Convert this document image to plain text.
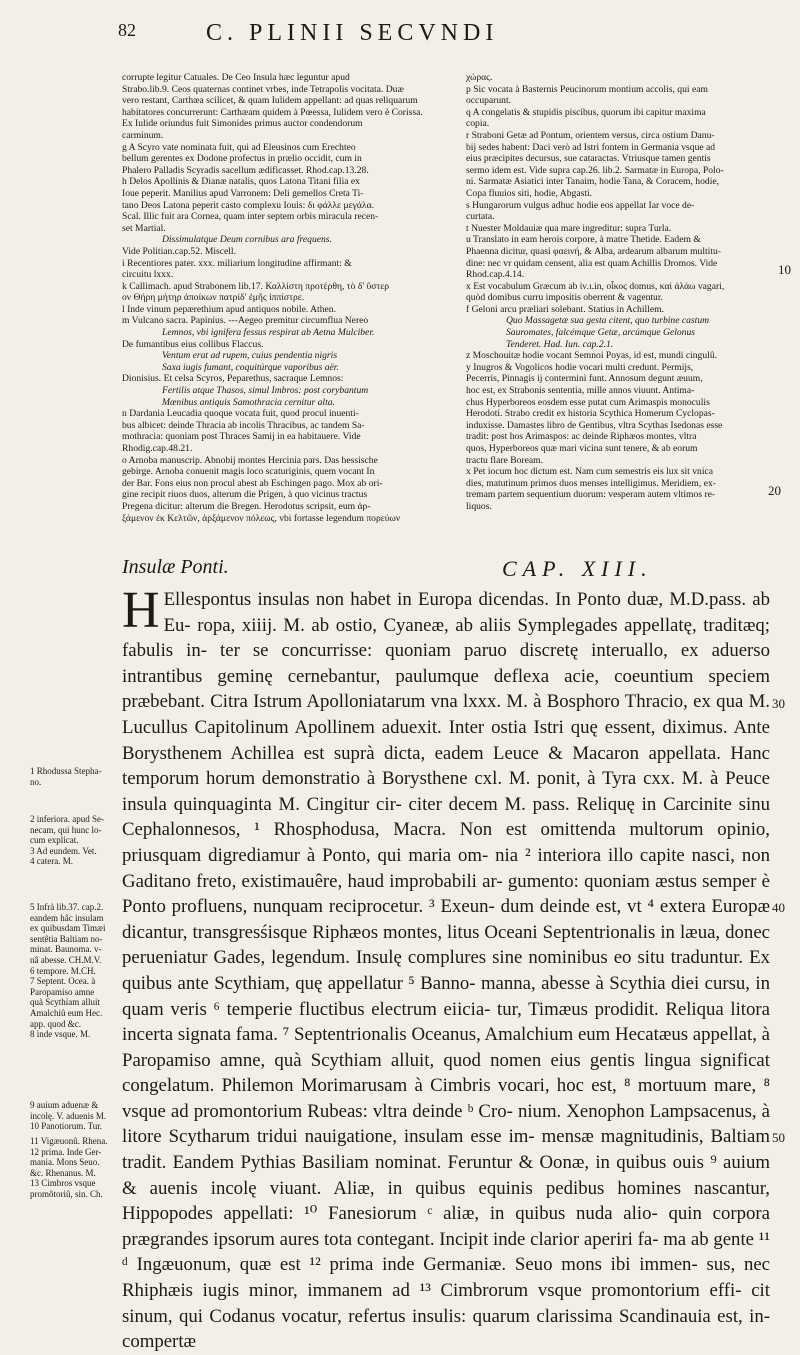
82	C. PLINII SECVNDI

corrupte legitur Catuales. De Ceo Insula hæc leguntur apud

Strabo.lib.9. Ceos quaternas continet vrbes, inde Tetrapolis vocitata. Duæ

vero restant, Carthæa scilicet, & quam Iulidem appellant: ad quas reliquarum

habitatores concurrerunt: Carthæam quidem à Pœessa, Iulidem vero è Corissa.

Ex Iulide oriundus fuit Simonides primus auctor condendorum

carminum.

g A Scyro vate nominata fuit, qui ad Eleusinos cum Erechteo

bellum gerentes ex Dodone profectus in prælio occidit, cum in

Phalero Palladis Scyradis sacellum ædificasset. Rhod.cap.13.28.

h Delos Apollinis & Dianæ natalis, quos Latona Titani filia ex

Ioue peperit. Manilius apud Varronem: Deli gemellos Creta Ti-

tano Deos Latona peperit casto complexu Iouis: δι φάλλε μεγάλα.

Scal. Illic fuit ara Cornea, quam inter septem orbis miracula recen-

set Martial.

Dissimulatque Deum cornibus ara frequens.

Vide Politian.cap.52. Miscell.

i Recentiores pater. xxx. miliarium longitudine affirmant: &

circuitu lxxx.

k Callimach. apud Strabonem lib.17. Καλλίστη προτέρθη, τὸ δ' ὕστερ

ον Θήρη μήτηρ ἀποίκων πατρίδ' ἐμῆς ἱππίστρε.

l Inde vinum pepærethium apud antiquos nobile. Athen.

m Vulcano sacra. Papinius. ---Aegeo premitur circumflua Nereo

Lemnos, vbi ignifera fessus respirat ab Aetna Mulciber.

De fumantibus eius collibus Flaccus.

Ventum erat ad rupem, cuius pendentia nigris

Saxa iugis fumant, coquitúrque vaporibus aër.

Dionisius. Et celsa Scyros, Peparethus, sacraque Lemnos:

Fertilis atque Thasos, simul Imbros: post corybantum

Mœnibus antiquis Samothracia cernitur alta.

n Dardania Leucadia quoque vocata fuit, quod procul inuenti-

bus albicet: deinde Thracia ab incolis Thracibus, ac tandem Sa-

mothracia: quoniam post Thraces Samij in ea habitauere. Vide

Rhodig.cap.48.21.

o Arnoba manuscrip. Abnobij montes Hercinia pars. Das hessische

gebirge. Arnoba conuenit magis loco scaturiginis, quem vocant In

der Bar. Fons eius non procul abest ab Eschingen pago. Mox ab ori-

gine recipit riuos duos, alterum die Prigen, à quo vicinus tractus

Pregena dicitur: alterum die Bregen. Herodotus scripsit, eum ἀρ-

ξάμενον ἐκ Κελτῶν, ἀρξάμενον πόλεως, vbi fortasse legendum πορεύων

χώρας.

p Sic vocata à Basternis Peucinorum montium accolis, qui eam

occuparunt.

q A congelatis & stupidis piscibus, quorum ibi capitur maxima

copia.

r Straboni Getæ ad Pontum, orientem versus, circa ostium Danu-

bij sedes habent: Daci verò ad Istri fontem in Germania vsque ad

eius præcipites decursus, sue cataractas. Vtriusque tamen gentis

sermo idem est. Vide supra cap.26. lib.2. Sarmatæ in Europa, Polo-

ni. Sarmatæ Asiatici inter Tanaim, hodie Tana, & Coracem, hodie,

Copa fluuios siti, hodie, Abgasti.

s Hungarorum vulgus adhuc hodie eos appellat Iar voce de-

curtata.

t Nuester Moldauiæ qua mare ingreditur: supra Turla.

u Translato in eam herois corpore, à matre Thetide. Eadem &

Phaenna dicitur, quasi φαεινή, & Alba, ardearum albarum multitu-

dine: nec vr quidam censent, alia est quam Achillis Dromos. Vide

Rhod.cap.4.14.

x Est vocabulum Græcum ab ἰν.ι.in, οἶκος domus, καὶ ἀλάω vagari,

quòd domibus curru impositis oberrent & vagentur.

f Geloni arcu præliari solebant. Statius in Achillem.

Quo Massagetæ sua gesta citent, quo turbine castum

Sauromates, falcémque Getæ, arcúmque Gelonus

Tenderet. Had. Iun. cap.2.1.

z Moschouitæ hodie vocant Semnoi Poyas, id est, mundi cingulû.

y Inugros & Vogolicos hodie vocari multi credunt. Permijs,

Pecerris, Pinnagis ij conterminì funt. Annosum degunt æuum,

hoc est, ex Strabonis sententia, mille annos viuunt. Antima-

chus Hyperboreos eosdem esse putat cum Arimaspis monoculis

Herodoti. Strabo credit ex historia Scythica Homerum Cyclopas-

induxisse. Damastes libro de Gentibus, vltra Scythas Isedonas esse

tradit: post hos Arimaspos: ac deinde Riphæos montes, vltra

quos, Hyperboreos quæ mari vicina sunt tenere, & ab eorum

tractu flare Boream.

x Pet iocum hoc dictum est. Nam cum semestris eis lux sit vnica

dies, matutinum primos duos menses intelligimus. Meridiem, ex-

tremam partem sequentium duorum: vesperam autem vltimos re-

liquos.

10
20
30
40
50
Insulæ Ponti.	CAP. XIII.
H Ellespontus insulas non habet in Europa dicendas. In Ponto duæ, M.D.pass. ab Eu- ropa, xiiij. M. ab ostio, Cyaneæ, ab aliis Symplegades appellatę, traditæq; fabulis in- ter se concurrisse: quoniam paruo discretę interuallo, ex aduerso intrantibus geminę cernebantur, paulumque deflexa acie, coeuntium speciem præbebant. Citra Istrum Apolloniatarum vna lxxx. M. à Bosphoro Thracio, ex qua M. Lucullus Capitolinum Apollinem aduexit. Inter ostia Istri quę essent, diximus. Ante Borysthenem Achillea est suprà dicta, eadem Leuce & Macaron appellata. Hanc temporum horum demonstratio à Borysthene cxl. M. ponit, à Tyra cxx. M. à Peuce insula quinquaginta M. Cingitur cir- citer decem M. pass. Reliquę in Carcinite sinu Cephalonnesos, ¹ Rhosphodusa, Macra. Non est omittenda multorum opinio, priusquam digrediamur à Ponto, qui maria om- nia ² interiora illo capite nasci, non Gaditano freto, existimauêre, haud improbabili ar- gumento: quoniam æstus semper è Ponto profluens, nunquam reciprocetur. ³ Exeun- dum deinde est, vt ⁴ extera Europæ dicantur, transgresśisque Riphæos montes, litus Oceani Septentrionalis in læua, donec perueniatur Gades, legendum. Insulę complures sine nominibus eo situ traduntur. Ex quibus ante Scythiam, quę appellatur ⁵ Banno- manna, abesse à Scythia diei cursu, in quam veris ⁶ temperie fluctibus electrum eiicia- tur, Timæus prodidit. Reliqua litora incerta signata fama. ⁷ Septentrionalis Oceanus, Amalchium eum Hecatæus appellat, à Paropamiso amne, quà Scythiam alluit, quod nomen eius gentis lingua significat congelatum. Philemon Morimarusam à Cimbris vocari, hoc est, ⁸ mortuum mare, ⁸ vsque ad promontorium Rubeas: vltra deinde ᵇ Cro- nium. Xenophon Lampsacenus, à litore Scytharum tridui nauigatione, insulam esse im- mensæ magnitudinis, Baltiam tradit. Eandem Pythias Basiliam nominat. Feruntur & Oonæ, in quibus ouis ⁹ auium & auenis incolę viuant. Aliæ, in quibus equinis pedibus homines nascantur, Hippopodes appellati: ¹⁰ Fanesiorum ᶜ aliæ, in quibus nuda alio- quin corpora prægrandes ipsorum aures tota contegant. Incipit inde clarior aperiri fa- ma ab gente ¹¹ ᵈ Ingæuonum, quæ est ¹² prima inde Germaniæ. Seuo mons ibi immen- sus, nec Rhiphæis iugis minor, immanem ad ¹³ Cimbrorum vsque promontorium effi- cit sinum, qui Codanus vocatur, refertus insulis: quarum clarissima Scandinauia est, in- compertæ
1 Rhodussa Stepha-
no.
2 inferiora. apud Se-
necam, qui hunc lo-
cum explicat.
3 Ad eundem. Vet.
4 catera. M.
5 Infrà lib.37. cap.2.
eandem hâc insulam
ex quibusdam Timæi
sentêtia Baltiam no-
minat. Baunoma. v-
nâ abesse. CH.M.V.
6 tempore. M.CH.
7 Septent. Ocea. à
Paropamiso amne
quà Scythiam alluit
Amalchiû eum Hec.
app. quod &c.
8 inde vsque. M.
9 auium aduenæ &
incolę. V. aduenis M.
10 Panotiorum. Tur.
11 Vigæuonû. Rhena.
12 prima. Inde Ger-
mania. Mons Seuo.
&c. Rhenanus. M.
13 Cimbros vsque
promôtoriû, sin. Ch.
